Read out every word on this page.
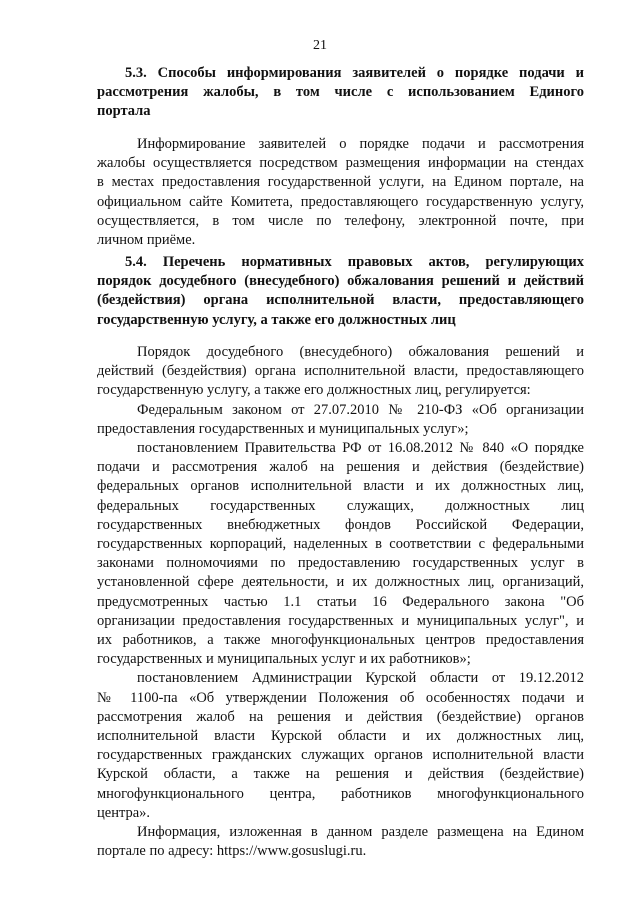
21
5.3. Способы информирования заявителей о порядке подачи и
рассмотрения жалобы, в том числе с использованием Единого
портала
Информирование заявителей о порядке подачи и рассмотрения
жалобы осуществляется посредством размещения информации на стендах
в местах предоставления государственной услуги, на Едином портале, на
официальном сайте Комитета, предоставляющего государственную услугу,
осуществляется, в том числе по телефону, электронной почте, при
личном приёме.
5.4. Перечень нормативных правовых актов, регулирующих
порядок досудебного (внесудебного) обжалования решений и действий
(бездействия) органа исполнительной власти, предоставляющего
государственную услугу, а также его должностных лиц
Порядок досудебного (внесудебного) обжалования решений и
действий (бездействия) органа исполнительной власти, предоставляющего
государственную услугу, а также его должностных лиц, регулируется:
Федеральным законом от 27.07.2010 № 210-ФЗ «Об организации
предоставления государственных и муниципальных услуг»;
постановлением Правительства РФ от 16.08.2012 № 840 «О порядке
подачи и рассмотрения жалоб на решения и действия (бездействие)
федеральных органов исполнительной власти и их должностных лиц,
федеральных государственных служащих, должностных лиц
государственных внебюджетных фондов Российской Федерации,
государственных корпораций, наделенных в соответствии с федеральными
законами полномочиями по предоставлению государственных услуг в
установленной сфере деятельности, и их должностных лиц, организаций,
предусмотренных частью 1.1 статьи 16 Федерального закона "Об
организации предоставления государственных и муниципальных услуг", и
их работников, а также многофункциональных центров предоставления
государственных и муниципальных услуг и их работников»;
постановлением Администрации Курской области от 19.12.2012
№ 1100-па «Об утверждении Положения об особенностях подачи и
рассмотрения жалоб на решения и действия (бездействие) органов
исполнительной власти Курской области и их должностных лиц,
государственных гражданских служащих органов исполнительной власти
Курской области, а также на решения и действия (бездействие)
многофункционального центра, работников многофункционального
центра».
Информация, изложенная в данном разделе размещена на Едином
портале по адресу: https://www.gosuslugi.ru.
